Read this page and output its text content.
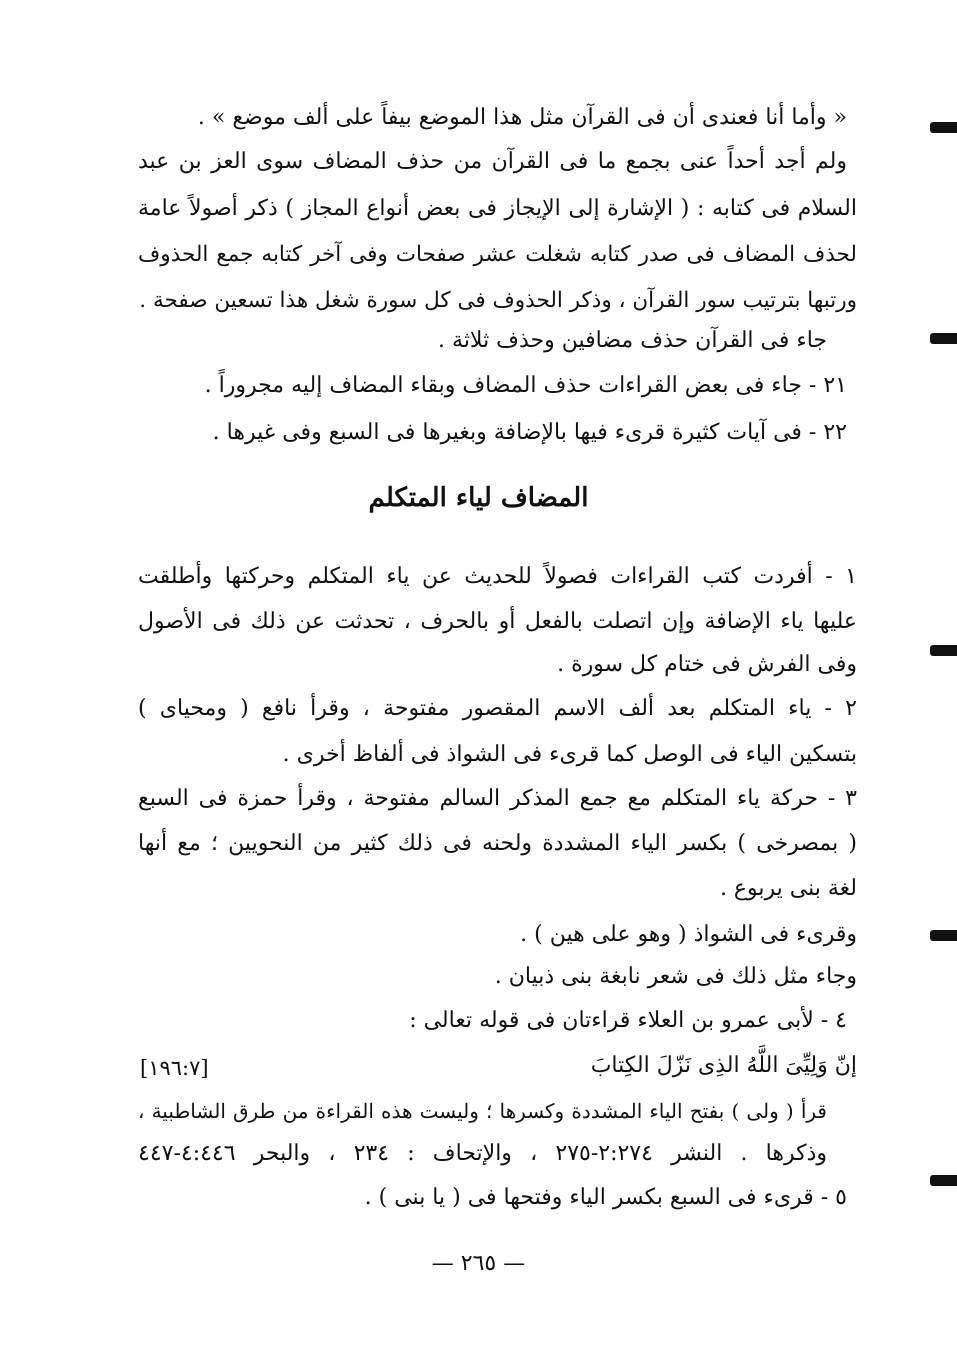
« وأما أنا فعندى أن فى القرآن مثل هذا الموضع بيفاً على ألف موضع » .
ولم أجد أحداً عنى بجمع ما فى القرآن من حذف المضاف سوى العز بن عبد
السلام فى كتابه : ( الإشارة إلى الإيجاز فى بعض أنواع المجاز ) ذكر أصولاً عامة
لحذف المضاف فى صدر كتابه شغلت عشر صفحات وفى آخر كتابه جمع الحذوف
ورتبها بترتيب سور القرآن ، وذكر الحذوف فى كل سورة شغل هذا تسعين صفحة .
جاء فى القرآن حذف مضافين وحذف ثلاثة .
٢١ - جاء فى بعض القراءات حذف المضاف وبقاء المضاف إليه مجروراً .
٢٢ - فى آيات كثيرة قرىء فيها بالإضافة وبغيرها فى السبع وفى غيرها .
المضاف لياء المتكلم
١ - أفردت كتب القراءات فصولاً للحديث عن ياء المتكلم وحركتها وأطلقت
عليها ياء الإضافة وإن اتصلت بالفعل أو بالحرف ، تحدثت عن ذلك فى الأصول
وفى الفرش فى ختام كل سورة .
٢ - ياء المتكلم بعد ألف الاسم المقصور مفتوحة ، وقرأ نافع ( ومحياى )
بتسكين الياء فى الوصل كما قرىء فى الشواذ فى ألفاظ أخرى .
٣ - حركة ياء المتكلم مع جمع المذكر السالم مفتوحة ، وقرأ حمزة فى السبع
( بمصرخى ) بكسر الياء المشددة ولحنه فى ذلك كثير من النحويين ؛ مع أنها
لغة بنى يربوع .
وقرىء فى الشواذ ( وهو على هين ) .
وجاء مثل ذلك فى شعر نابغة بنى ذبيان .
٤ - لأبى عمرو بن العلاء قراءتان فى قوله تعالى :
إنّ وَلِيِّىَ اللَّهُ الذِى نَزّلَ الكِتابَ
[١٩٦:٧]
قرأ ( ولى ) بفتح الياء المشددة وكسرها ؛ وليست هذه القراءة من طرق الشاطبية ،
وذكرها . النشر ٢:٢٧٤-٢٧٥ ، والإتحاف : ٢٣٤ ، والبحر ٤:٤٤٦-٤٤٧
٥ - قرىء فى السبع بكسر الياء وفتحها فى ( يا بنى ) .
— ٢٦٥ —
